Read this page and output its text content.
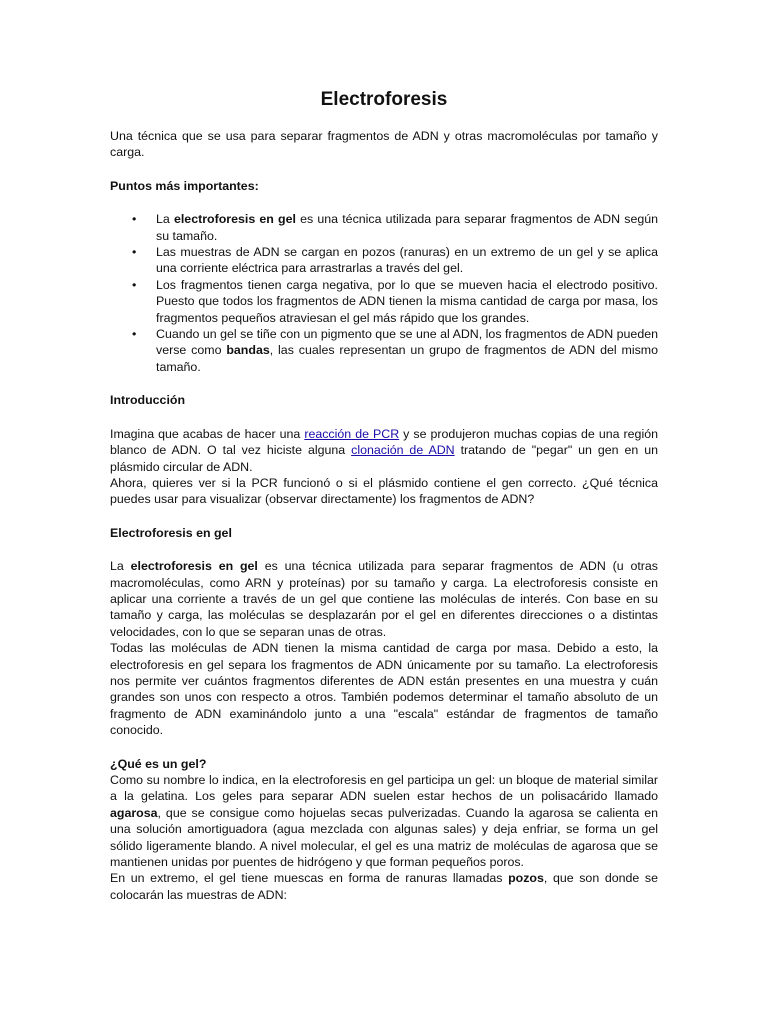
Electroforesis

Una técnica que se usa para separar fragmentos de ADN y otras macromoléculas por tamaño y carga.

Puntos más importantes:

• La electroforesis en gel es una técnica utilizada para separar fragmentos de ADN según su tamaño.
• Las muestras de ADN se cargan en pozos (ranuras) en un extremo de un gel y se aplica una corriente eléctrica para arrastrarlas a través del gel.
• Los fragmentos tienen carga negativa, por lo que se mueven hacia el electrodo positivo. Puesto que todos los fragmentos de ADN tienen la misma cantidad de carga por masa, los fragmentos pequeños atraviesan el gel más rápido que los grandes.
• Cuando un gel se tiñe con un pigmento que se une al ADN, los fragmentos de ADN pueden verse como bandas, las cuales representan un grupo de fragmentos de ADN del mismo tamaño.

Introducción

Imagina que acabas de hacer una reacción de PCR y se produjeron muchas copias de una región blanco de ADN. O tal vez hiciste alguna clonación de ADN tratando de "pegar" un gen en un plásmido circular de ADN.

Ahora, quieres ver si la PCR funcionó o si el plásmido contiene el gen correcto. ¿Qué técnica puedes usar para visualizar (observar directamente) los fragmentos de ADN?

Electroforesis en gel

La electroforesis en gel es una técnica utilizada para separar fragmentos de ADN (u otras macromoléculas, como ARN y proteínas) por su tamaño y carga. La electroforesis consiste en aplicar una corriente a través de un gel que contiene las moléculas de interés. Con base en su tamaño y carga, las moléculas se desplazarán por el gel en diferentes direcciones o a distintas velocidades, con lo que se separan unas de otras.

Todas las moléculas de ADN tienen la misma cantidad de carga por masa. Debido a esto, la electroforesis en gel separa los fragmentos de ADN únicamente por su tamaño. La electroforesis nos permite ver cuántos fragmentos diferentes de ADN están presentes en una muestra y cuán grandes son unos con respecto a otros. También podemos determinar el tamaño absoluto de un fragmento de ADN examinándolo junto a una "escala" estándar de fragmentos de tamaño conocido.

¿Qué es un gel?

Como su nombre lo indica, en la electroforesis en gel participa un gel: un bloque de material similar a la gelatina. Los geles para separar ADN suelen estar hechos de un polisacárido llamado agarosa, que se consigue como hojuelas secas pulverizadas. Cuando la agarosa se calienta en una solución amortiguadora (agua mezclada con algunas sales) y deja enfriar, se forma un gel sólido ligeramente blando. A nivel molecular, el gel es una matriz de moléculas de agarosa que se mantienen unidas por puentes de hidrógeno y que forman pequeños poros.

En un extremo, el gel tiene muescas en forma de ranuras llamadas pozos, que son donde se colocarán las muestras de ADN:
